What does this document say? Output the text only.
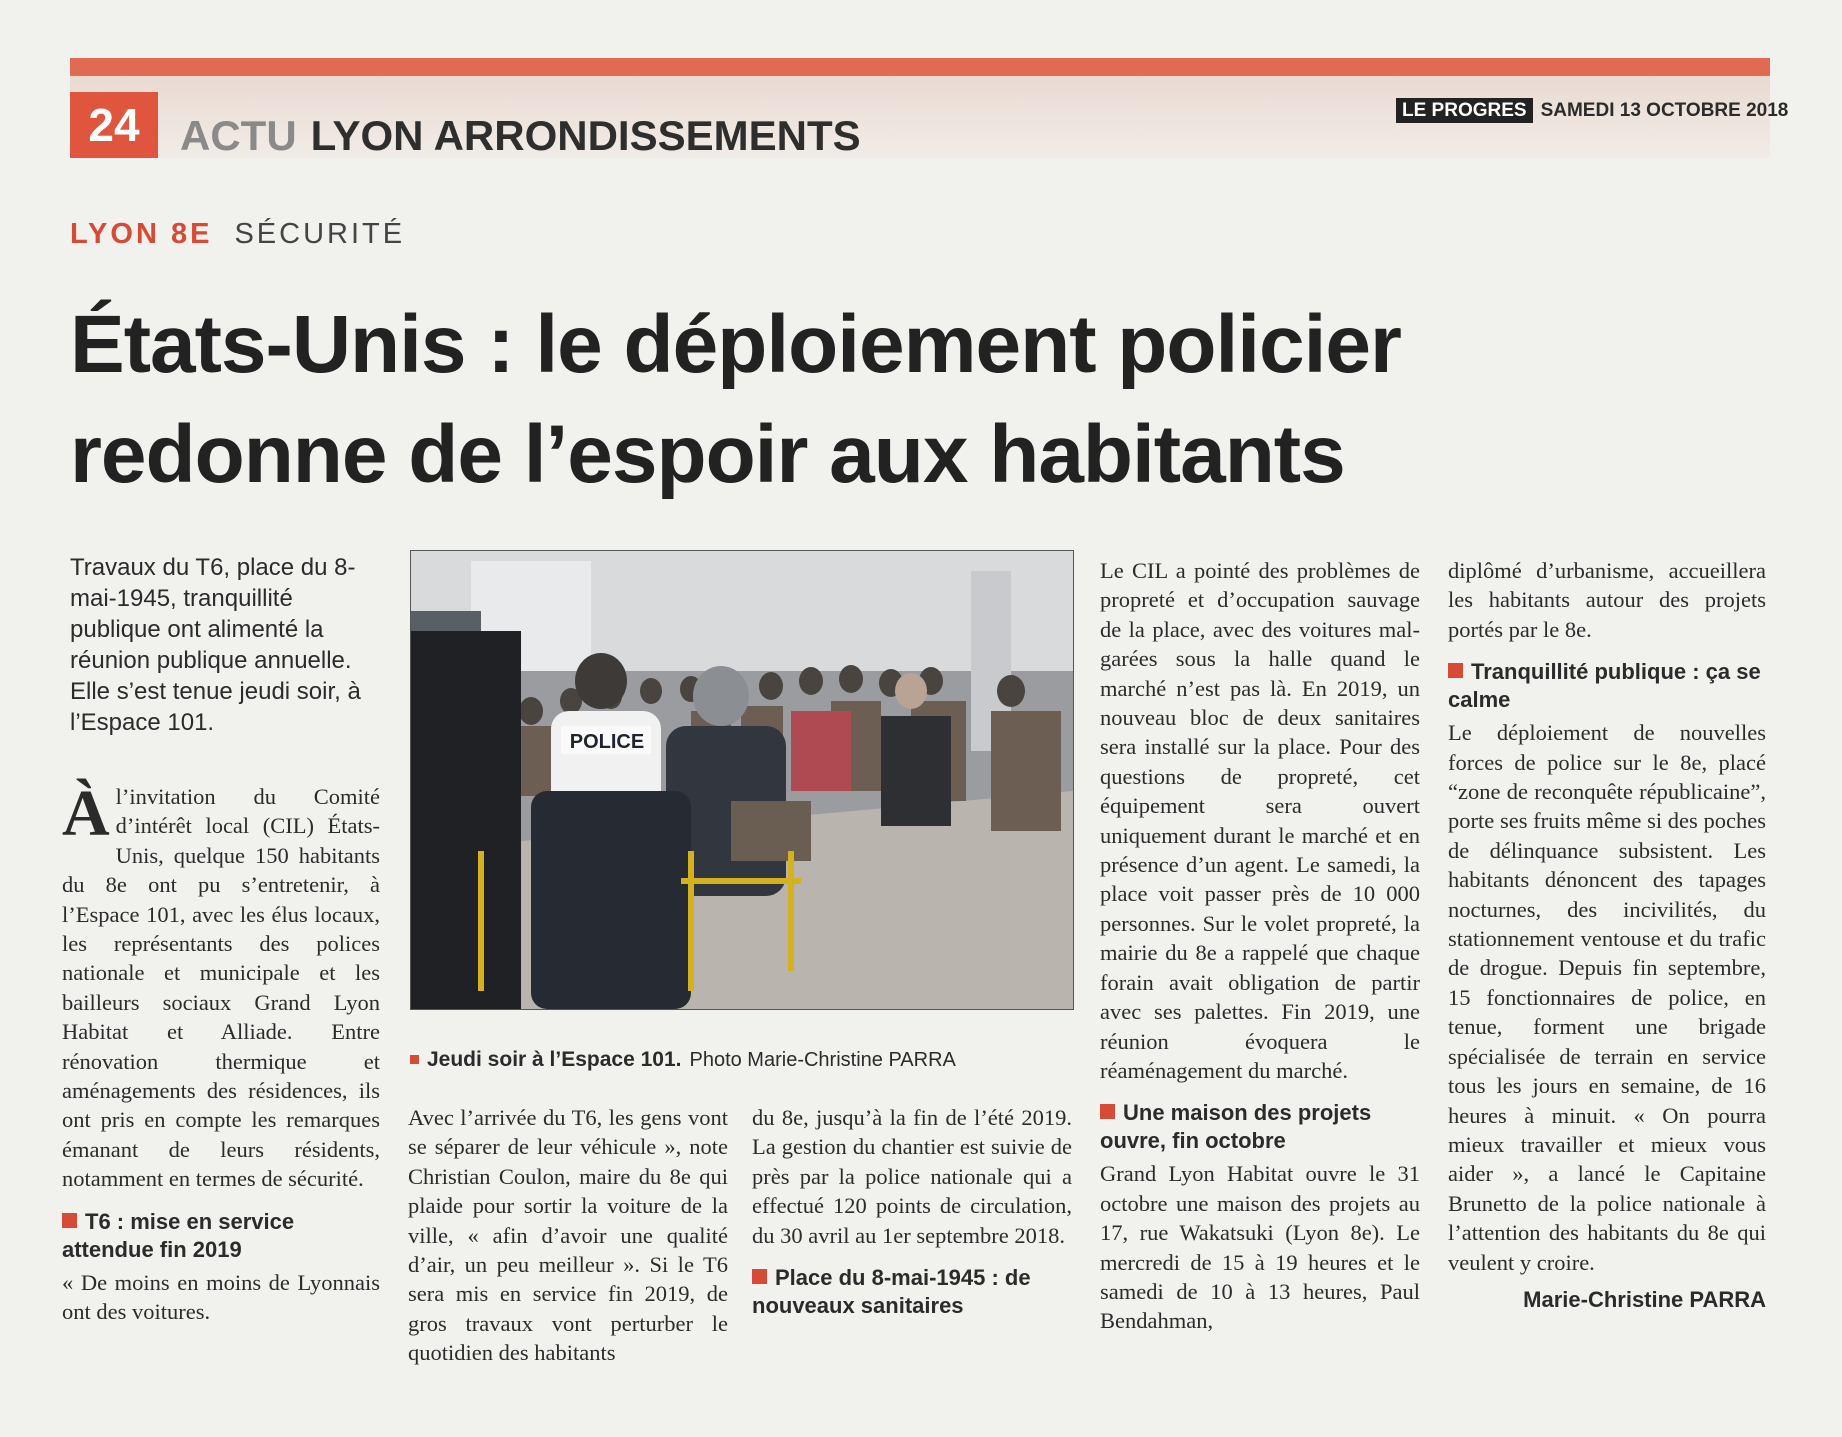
24 ACTU LYON ARRONDISSEMENTS
LE PROGRES SAMEDI 13 OCTOBRE 2018
LYON 8E SÉCURITÉ
États-Unis : le déploiement policier
redonne de l’espoir aux habitants
Travaux du T6, place du 8-mai-1945, tranquillité publique ont alimenté la réunion publique annuelle. Elle s’est tenue jeudi soir, à l’Espace 101.
Àl’invitation du Comité d’intérêt local (CIL) États-Unis, quelque 150 habitants du 8e ont pu s’entretenir, à l’Espace 101, avec les élus locaux, les représentants des polices nationale et municipale et les bailleurs sociaux Grand Lyon Habitat et Alliade. Entre rénovation thermique et aménagements des résidences, ils ont pris en compte les remarques émanant de leurs résidents, notamment en termes de sécurité.
T6 : mise en service attendue fin 2019
« De moins en moins de Lyonnais ont des voitures.
POLICE
Jeudi soir à l’Espace 101. Photo Marie-Christine PARRA
Avec l’arrivée du T6, les gens vont se séparer de leur véhicule », note Christian Coulon, maire du 8e qui plaide pour sortir la voiture de la ville, « afin d’avoir une qualité d’air, un peu meilleur ». Si le T6 sera mis en service fin 2019, de gros travaux vont perturber le quotidien des habitants
du 8e, jusqu’à la fin de l’été 2019. La gestion du chantier est suivie de près par la police nationale qui a effectué 120 points de circulation, du 30 avril au 1er septembre 2018.
Place du 8-mai-1945 : de nouveaux sanitaires
Le CIL a pointé des problèmes de propreté et d’occupation sauvage de la place, avec des voitures mal-garées sous la halle quand le marché n’est pas là. En 2019, un nouveau bloc de deux sanitaires sera installé sur la place. Pour des questions de propreté, cet équipement sera ouvert uniquement durant le marché et en présence d’un agent. Le samedi, la place voit passer près de 10 000 personnes. Sur le volet propreté, la mairie du 8e a rappelé que chaque forain avait obligation de partir avec ses palettes. Fin 2019, une réunion évoquera le réaménagement du marché.
Une maison des projets ouvre, fin octobre
Grand Lyon Habitat ouvre le 31 octobre une maison des projets au 17, rue Wakatsuki (Lyon 8e). Le mercredi de 15 à 19 heures et le samedi de 10 à 13 heures, Paul Bendahman,
diplômé d’urbanisme, accueillera les habitants autour des projets portés par le 8e.
Tranquillité publique : ça se calme
Le déploiement de nouvelles forces de police sur le 8e, placé “zone de reconquête républicaine”, porte ses fruits même si des poches de délinquance subsistent. Les habitants dénoncent des tapages nocturnes, des incivilités, du stationnement ventouse et du trafic de drogue. Depuis fin septembre, 15 fonctionnaires de police, en tenue, forment une brigade spécialisée de terrain en service tous les jours en semaine, de 16 heures à minuit. « On pourra mieux travailler et mieux vous aider », a lancé le Capitaine Brunetto de la police nationale à l’attention des habitants du 8e qui veulent y croire.
Marie-Christine PARRA
